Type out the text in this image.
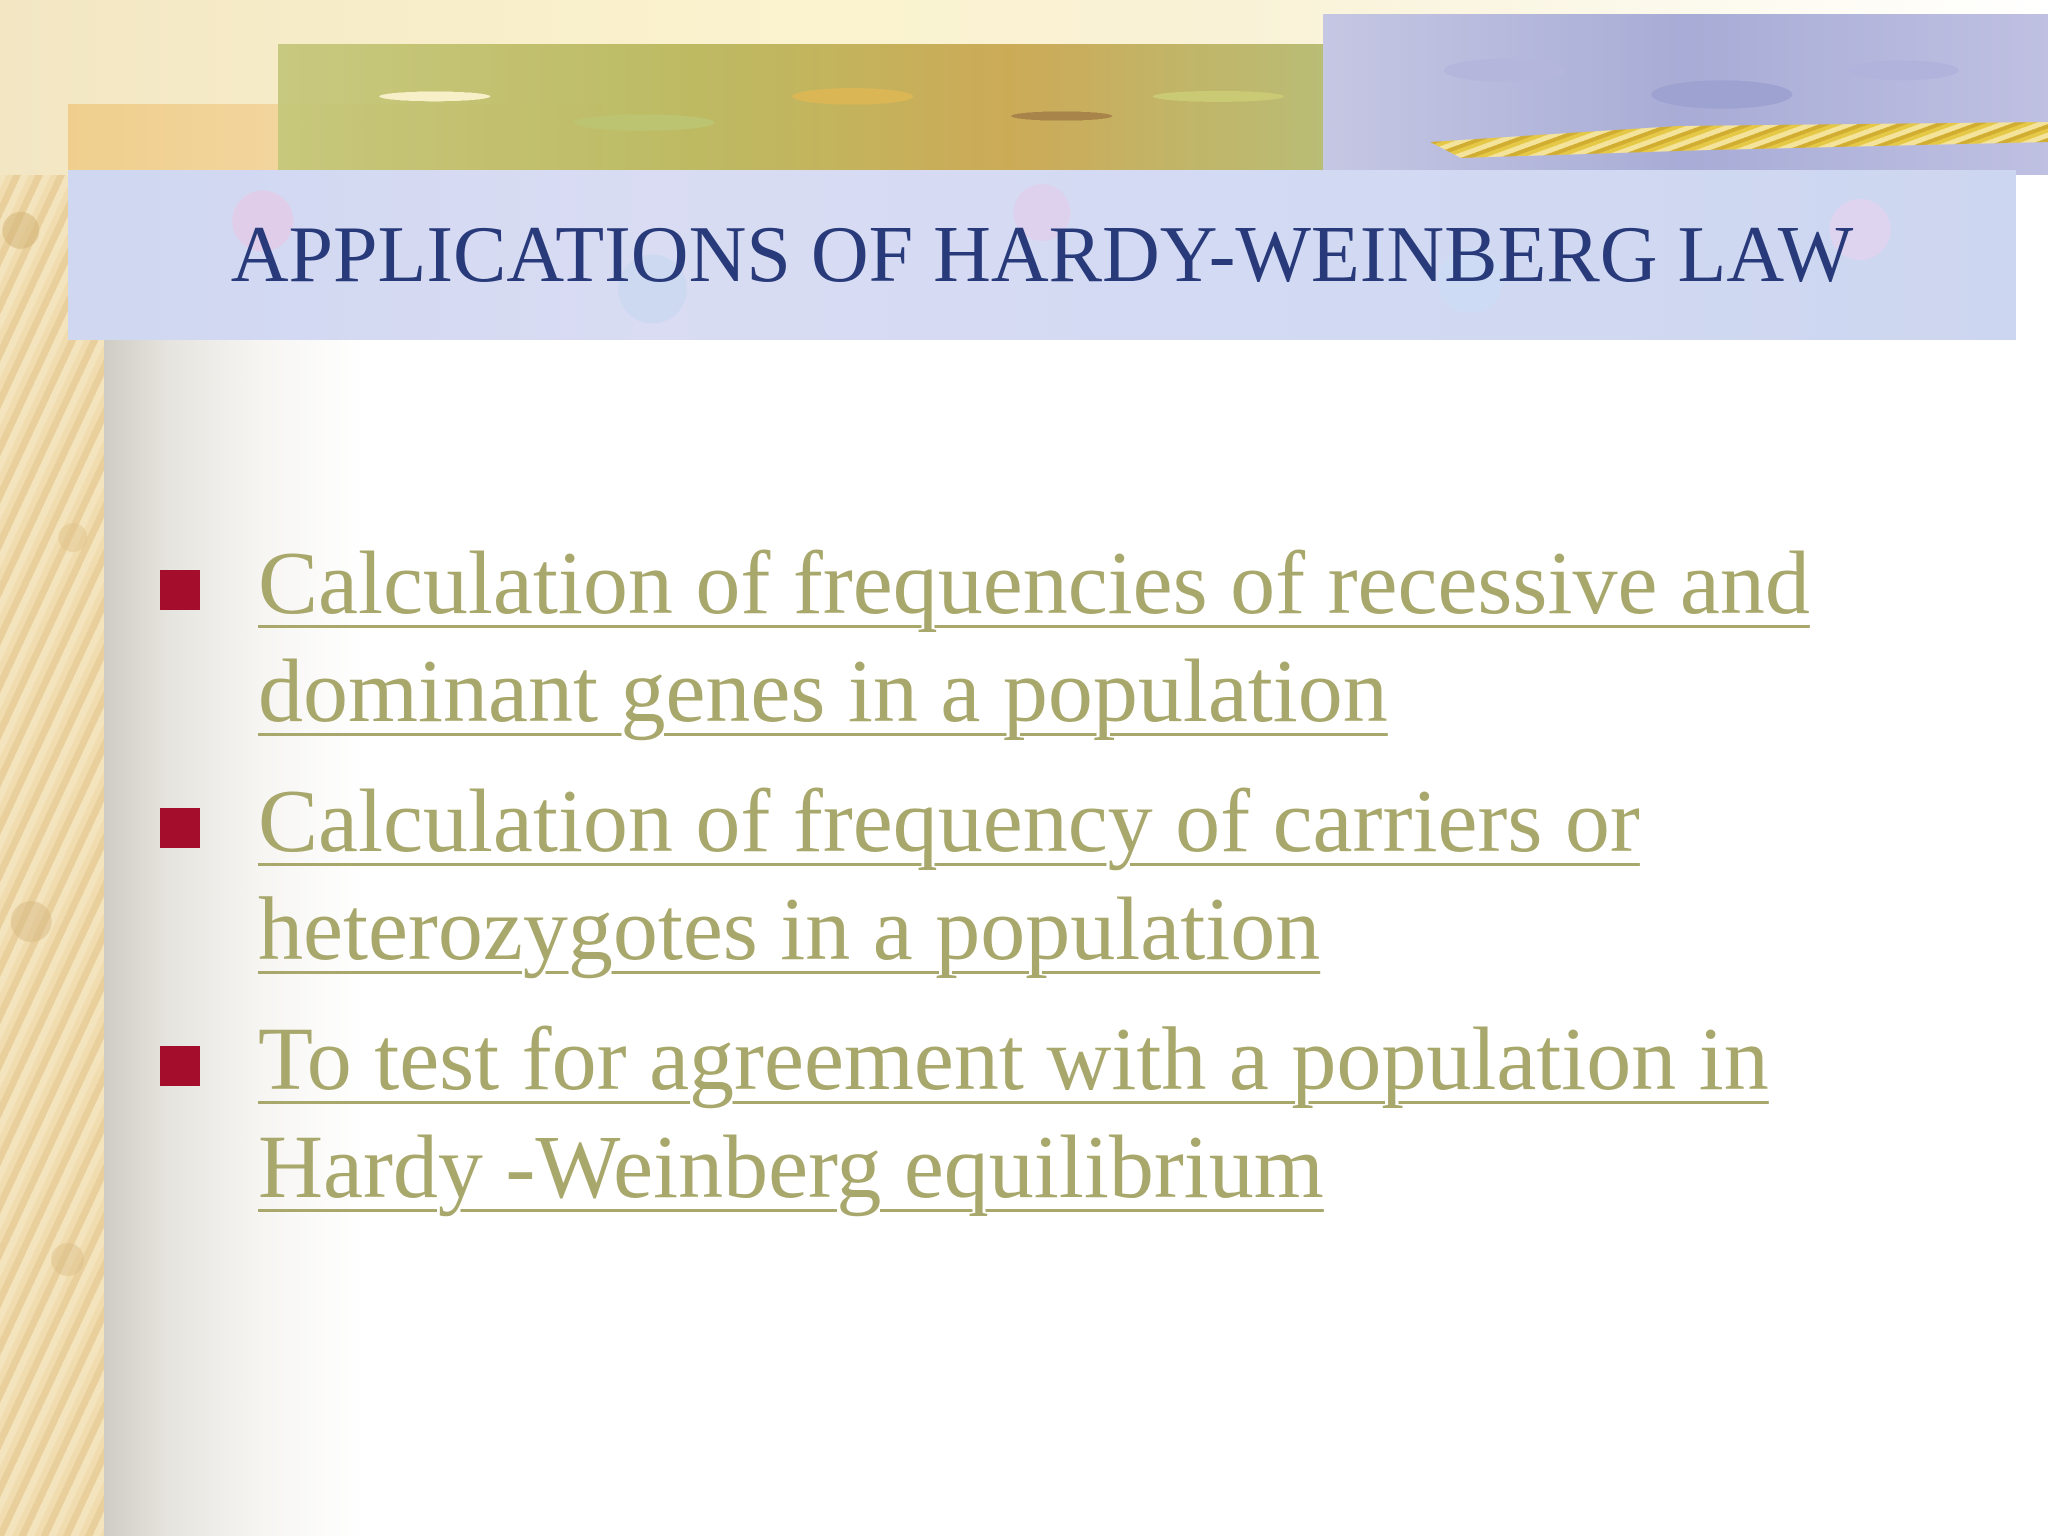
APPLICATIONS OF HARDY-WEINBERG LAW
Calculation of frequencies of recessive and dominant genes in a population
Calculation of frequency of carriers or heterozygotes in a population
To test for agreement with a population in Hardy -Weinberg equilibrium
